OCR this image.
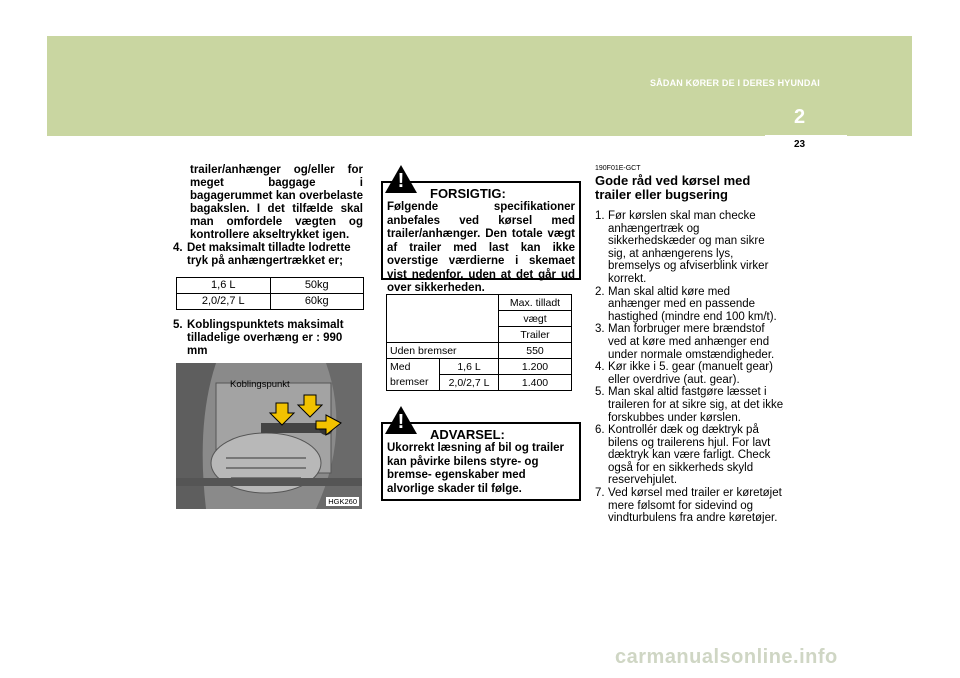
SÅDAN KØRER DE I DERES HYUNDAI
2
23
trailer/anhænger og/eller for meget baggage i bagagerummet kan overbelaste bagakslen. I det tilfælde skal man omfordele vægten og kontrollere akseltrykket igen.
4. Det maksimalt tilladte lodrette tryk på anhængertrækket er;
1,6 L	50kg
2,0/2,7 L	60kg
5. Koblingspunktets maksimalt tilladelige overhæng er : 990 mm
Koblingspunkt
HGK260
FORSIGTIG:
Følgende specifikationer anbefales ved kørsel med trailer/anhænger. Den totale vægt af trailer med last kan ikke overstige værdierne i skemaet vist nedenfor, uden at det går ud over sikkerheden.
!
		Max. tilladt
		vægt
		Trailer
Uden bremser		550
Med	1,6 L	1.200
bremser	2,0/2,7 L	1.400
ADVARSEL:
Ukorrekt læsning af bil og trailer kan påvirke bilens styre- og bremse- egenskaber med alvorlige skader til følge.
!
190F01E-GCT
Gode råd ved kørsel med trailer eller bugsering
1. Før kørslen skal man checke anhængertræk og sikkerhedskæder og man sikre sig, at anhængerens lys, bremselys og afviserblink virker korrekt.
2. Man skal altid køre med anhænger med en passende hastighed (mindre end 100 km/t).
3. Man forbruger mere brændstof ved at køre med anhænger end under normale omstændigheder.
4. Kør ikke i 5. gear (manuelt gear) eller overdrive (aut. gear).
5. Man skal altid fastgøre læsset i traileren for at sikre sig, at det ikke forskubbes under kørslen.
6. Kontrollér dæk og dæktryk på bilens og trailerens hjul. For lavt dæktryk kan være farligt. Check også for en sikkerheds skyld reservehjulet.
7. Ved kørsel med trailer er køretøjet mere følsomt for sidevind og vindturbulens fra andre køretøjer.
carmanualsonline.info
